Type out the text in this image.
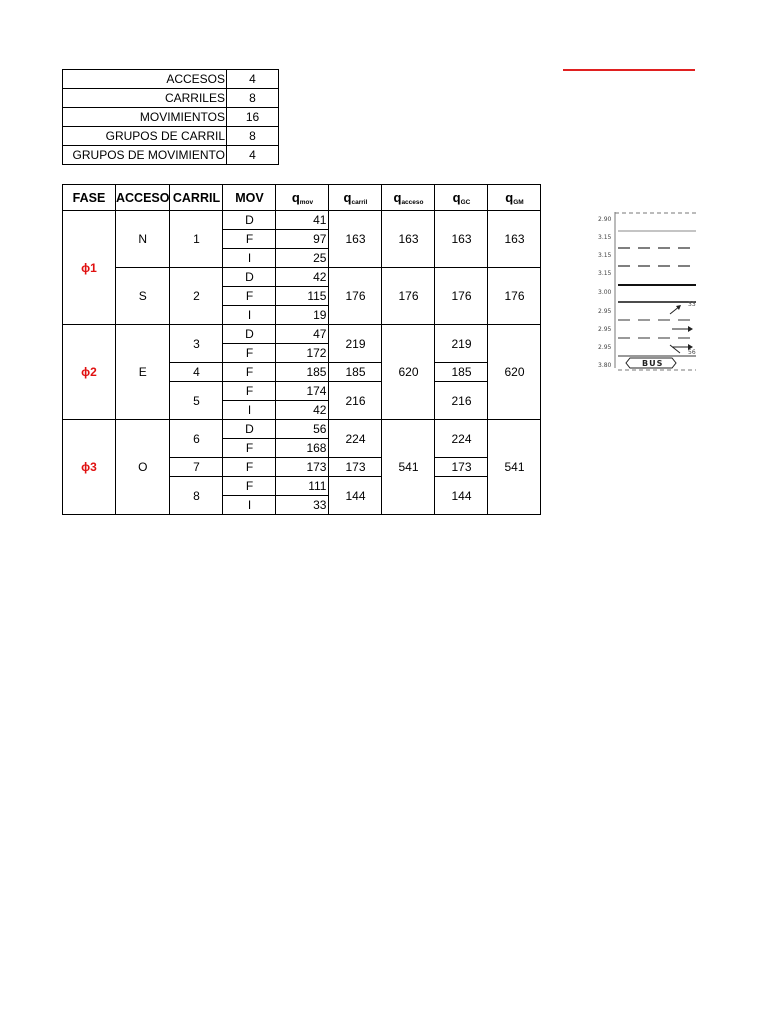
ACCESOS	4
CARRILES	8
MOVIMIENTOS	16
GRUPOS DE CARRIL	8
GRUPOS DE MOVIMIENTO	4
FASE	ACCESO	CARRIL	MOV	$q_{mov}$	$q_{carril}$	$q_{acceso}$	$q_{GC}$	$q_{GM}$
ϕ1	N	1	D	41	163	163	163	163
			F	97				
			I	25				
	S	2	D	42	176	176	176	176
			F	115				
			I	19				
ϕ2	E	3	D	47	219	620	219	620
			F	172				
		4	F	185	185		185	
		5	F	174	216		216	
			I	42				
ϕ3	O	6	D	56	224	541	224	541
			F	168				
		7	F	173	173		173	
		8	F	111	144		144	
			I	33				
2.90
3.15
3.15
3.15
3.00
2.95
2.95
2.95
3.80
33
56
BUS
